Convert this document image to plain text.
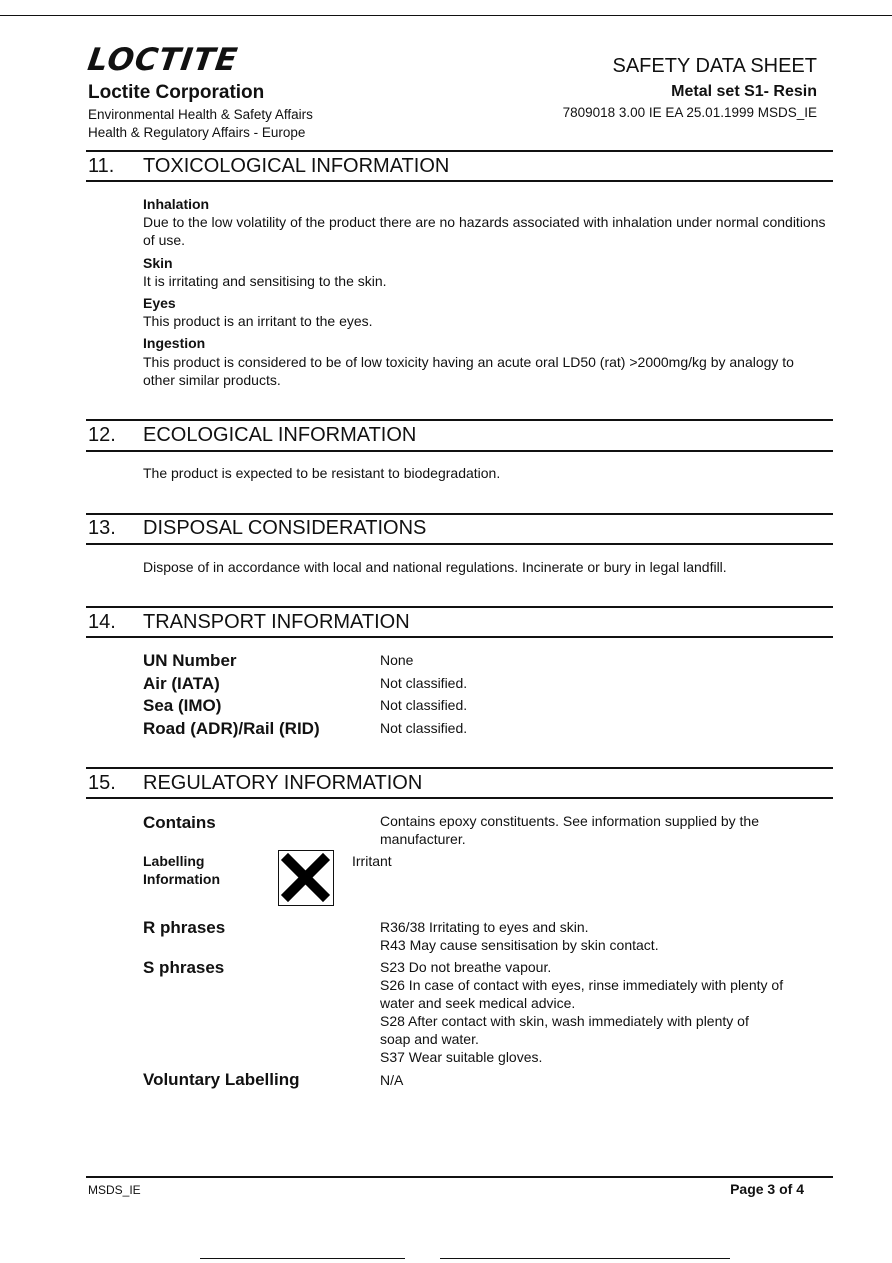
LOCTITE
Loctite Corporation
Environmental Health & Safety Affairs
Health & Regulatory Affairs - Europe
SAFETY DATA SHEET
Metal set S1- Resin
7809018 3.00 IE EA 25.01.1999 MSDS_IE
11. TOXICOLOGICAL INFORMATION
Inhalation
Due to the low volatility of the product there are no hazards associated with inhalation under normal conditions of use.
Skin
It is irritating and sensitising to the skin.
Eyes
This product is an irritant to the eyes.
Ingestion
This product is considered to be of low toxicity having an acute oral LD50 (rat) >2000mg/kg by analogy to other similar products.
12. ECOLOGICAL INFORMATION
The product is expected to be resistant to biodegradation.
13. DISPOSAL CONSIDERATIONS
Dispose of in accordance with local and national regulations. Incinerate or bury in legal landfill.
14. TRANSPORT INFORMATION
UN Number	None
Air (IATA)	Not classified.
Sea (IMO)	Not classified.
Road (ADR)/Rail (RID)	Not classified.
15. REGULATORY INFORMATION
Contains	Contains epoxy constituents. See information supplied by the
manufacturer.
Labelling
Information
Irritant
R phrases	R36/38 Irritating to eyes and skin.
R43 May cause sensitisation by skin contact.
S phrases	S23 Do not breathe vapour.
S26 In case of contact with eyes, rinse immediately with plenty of
water and seek medical advice.
S28 After contact with skin, wash immediately with plenty of
soap and water.
S37 Wear suitable gloves.
Voluntary Labelling	N/A
MSDS_IE	Page 3 of 4
